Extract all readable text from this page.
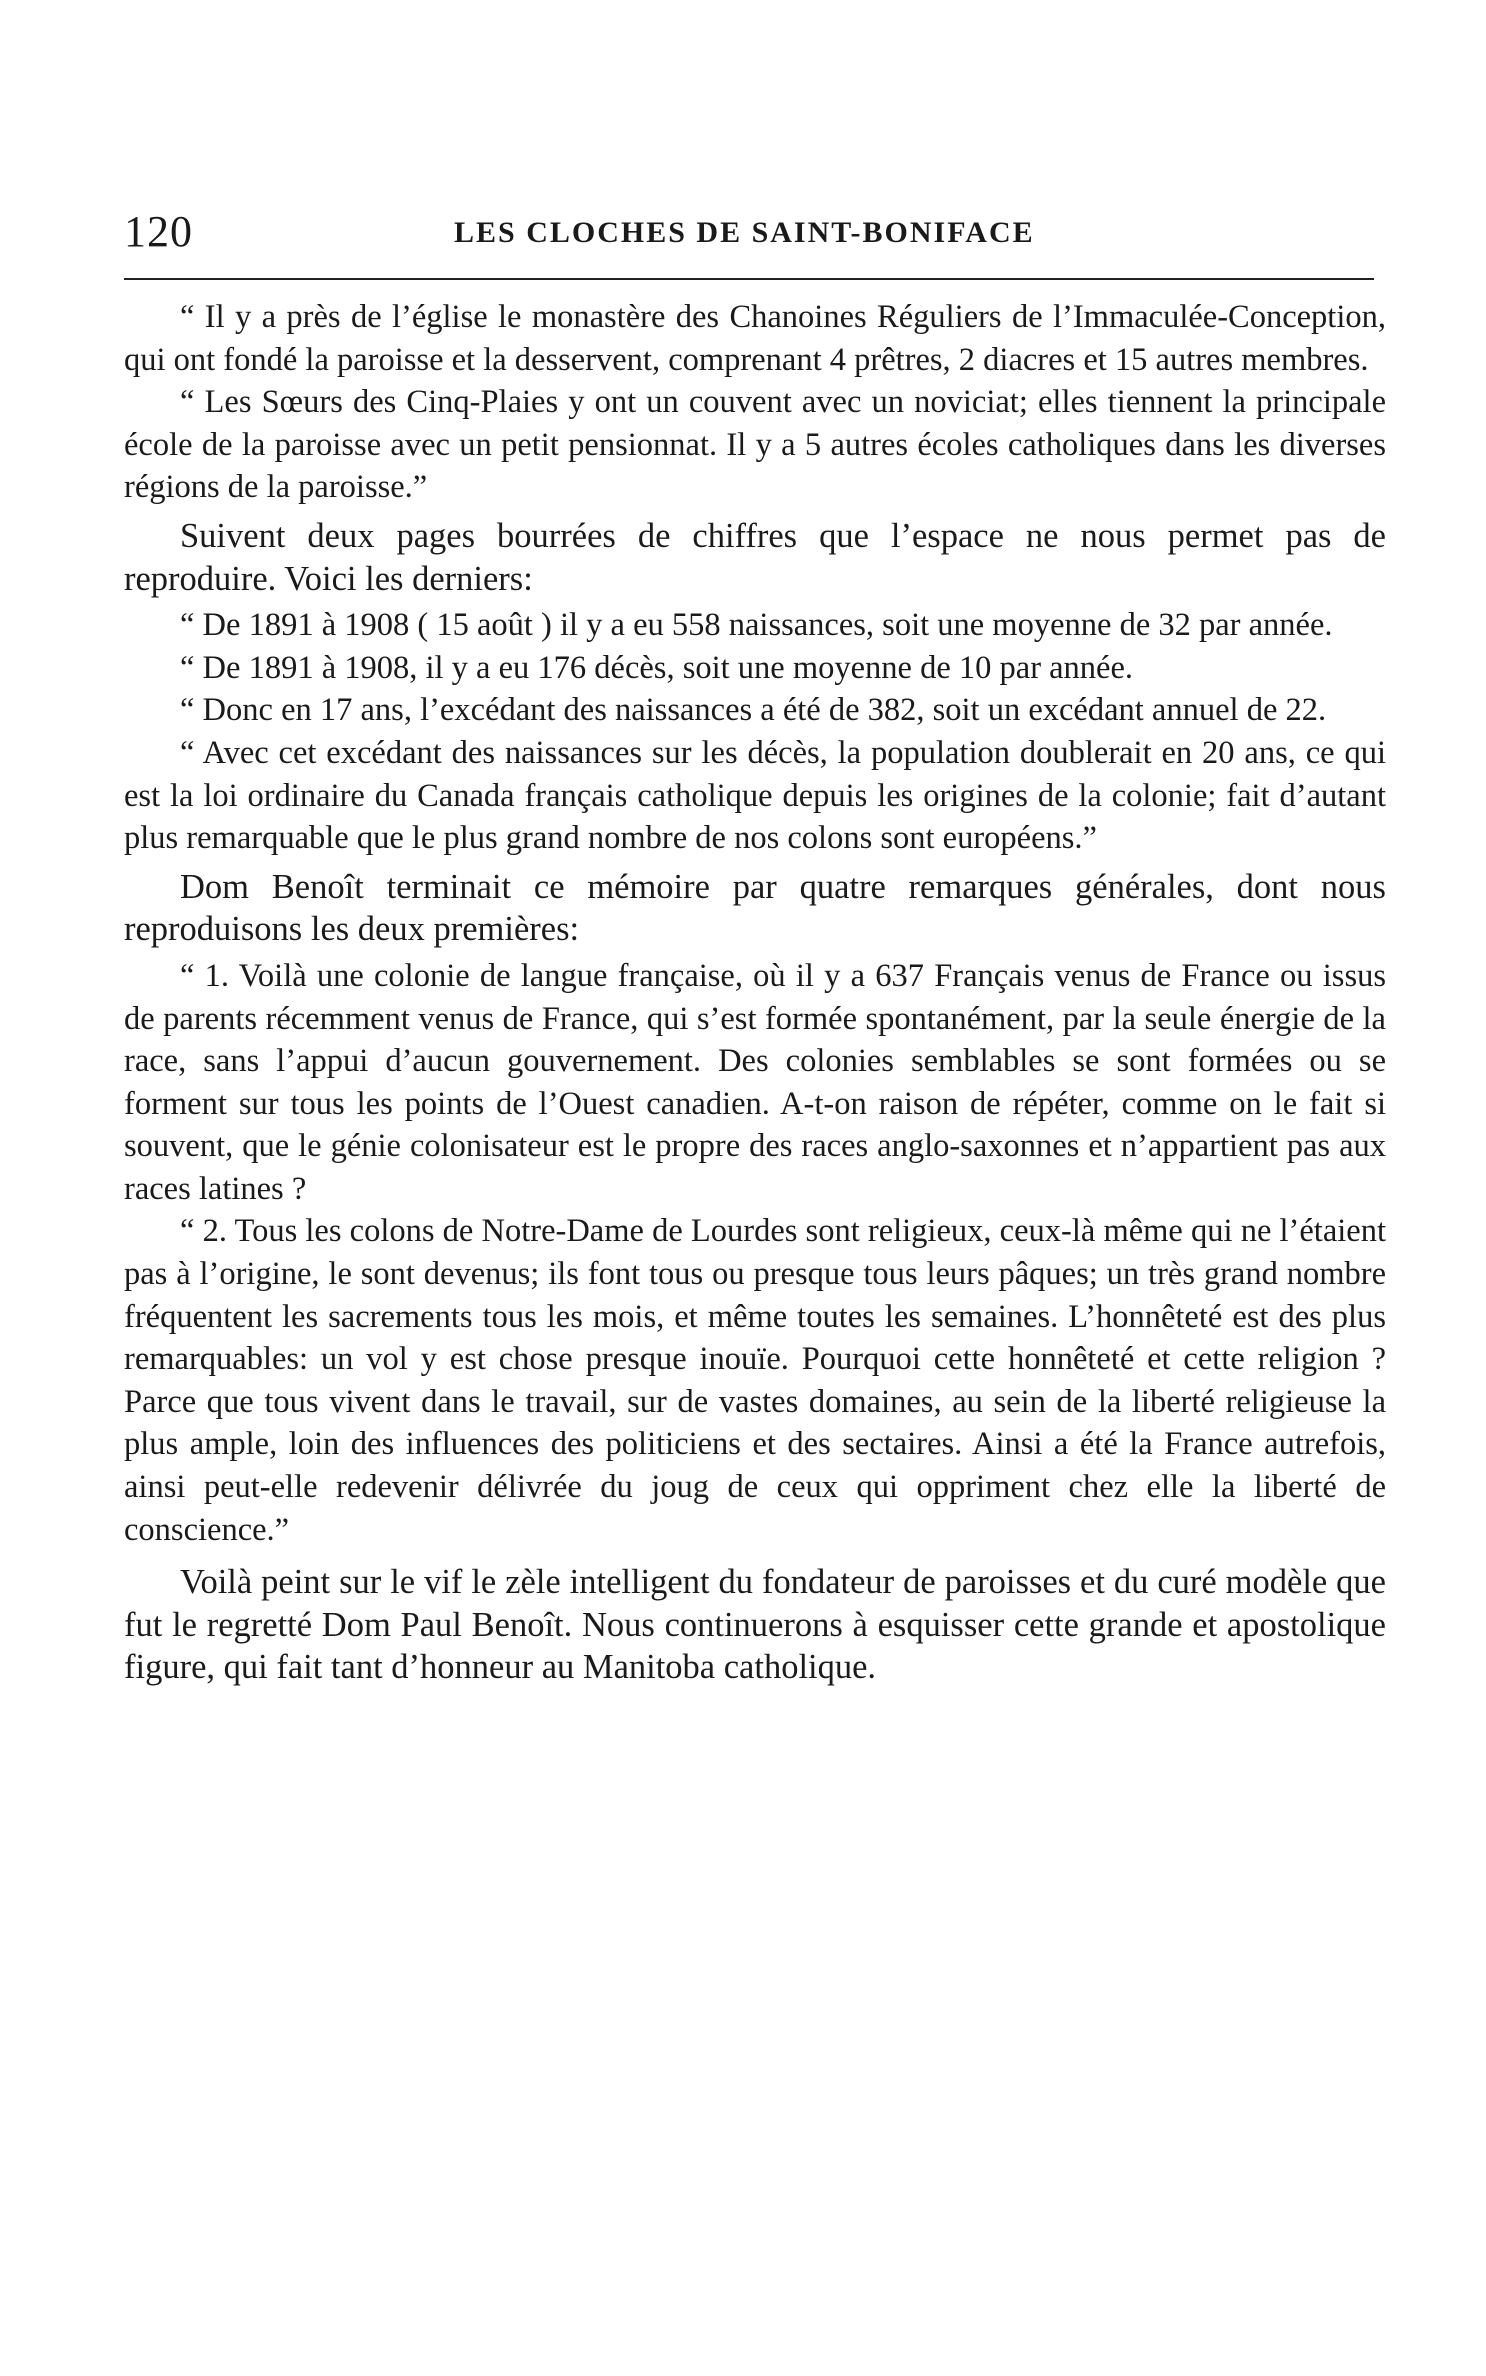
120	LES CLOCHES DE SAINT-BONIFACE

“ Il y a près de l’église le monastère des Chanoines Réguliers de l’Immaculée-Conception, qui ont fondé la paroisse et la desservent, comprenant 4 prêtres, 2 diacres et 15 autres membres.

“ Les Sœurs des Cinq-Plaies y ont un couvent avec un noviciat; elles tiennent la principale école de la paroisse avec un petit pensionnat. Il y a 5 autres écoles catholiques dans les diverses régions de la paroisse.”

Suivent deux pages bourrées de chiffres que l’espace ne nous permet pas de reproduire. Voici les derniers:

“ De 1891 à 1908 ( 15 août ) il y a eu 558 naissances, soit une moyenne de 32 par année.

“ De 1891 à 1908, il y a eu 176 décès, soit une moyenne de 10 par année.

“ Donc en 17 ans, l’excédant des naissances a été de 382, soit un excédant annuel de 22.

“ Avec cet excédant des naissances sur les décès, la population doublerait en 20 ans, ce qui est la loi ordinaire du Canada français catholique depuis les origines de la colonie; fait d’autant plus remarquable que le plus grand nombre de nos colons sont européens.”

Dom Benoît terminait ce mémoire par quatre remarques générales, dont nous reproduisons les deux premières:

“ 1. Voilà une colonie de langue française, où il y a 637 Français venus de France ou issus de parents récemment venus de France, qui s’est formée spontanément, par la seule énergie de la race, sans l’appui d’aucun gouvernement. Des colonies semblables se sont formées ou se forment sur tous les points de l’Ouest canadien. A-t-on raison de répéter, comme on le fait si souvent, que le génie colonisateur est le propre des races anglo-saxonnes et n’appartient pas aux races latines ?

“ 2. Tous les colons de Notre-Dame de Lourdes sont religieux, ceux-là même qui ne l’étaient pas à l’origine, le sont devenus; ils font tous ou presque tous leurs pâques; un très grand nombre fréquentent les sacrements tous les mois, et même toutes les semaines. L’honnêteté est des plus remarquables: un vol y est chose presque inouïe. Pourquoi cette honnêteté et cette religion ? Parce que tous vivent dans le travail, sur de vastes domaines, au sein de la liberté religieuse la plus ample, loin des influences des politiciens et des sectaires. Ainsi a été la France autrefois, ainsi peut-elle redevenir délivrée du joug de ceux qui oppriment chez elle la liberté de conscience.”

Voilà peint sur le vif le zèle intelligent du fondateur de paroisses et du curé modèle que fut le regretté Dom Paul Benoît. Nous continuerons à esquisser cette grande et apostolique figure, qui fait tant d’honneur au Manitoba catholique.
